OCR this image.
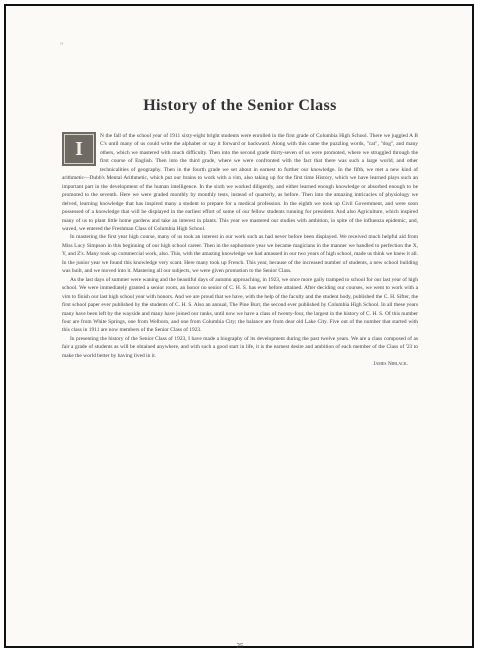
"
History of the Senior Class

I
N the fall of the school year of 1911 sixty-eight bright students were enrolled in the first grade of Columbia High School. There we juggled A B C's until many of us could write the alphabet or say it forward or backward. Along with this came the puzzling words, "cat", "dog", and many others, which we mastered with much difficulty. Then into the second grade thirty-seven of us were promoted, where we struggled through the first course of English. Then into the third grade, where we were confronted with the fact that there was such a large world, and other technicalities of geography. Then in the fourth grade we set about in earnest to further our knowledge. In the fifth, we met a new kind of arithmetic—Dubb's Mental Arithmetic, which put our brains to work with a vim, also taking up for the first time History, which we have learned plays such an important part in the development of the human intelligence. In the sixth we worked diligently, and either learned enough knowledge or absorbed enough to be promoted to the seventh. Here we were graded monthly by monthly tests, instead of quarterly, as before. Then into the amazing intricacies of physiology we delved, learning knowledge that has inspired many a student to prepare for a medical profession. In the eighth we took up Civil Government, and were soon possessed of a knowledge that will be displayed in the earliest effort of some of our fellow students running for president. And also Agriculture, which inspired many of us to plant little home gardens and take an interest in plants. This year we mastered our studies with ambition, in spite of the influenza epidemic, and, waved, we entered the Freshman Class of Columbia High School.

In mastering the first year high course, many of us took an interest in our work such as had never before been displayed. We received much helpful aid from Miss Lucy Simpson in this beginning of our high school career. Then in the sophomore year we became magicians in the manner we handled to perfection the X, Y, and Z's. Many took up commercial work, also. This, with the amazing knowledge we had amassed in our two years of high school, made us think we knew it all. In the junior year we found this knowledge very scant. Here many took up French. This year, because of the increased number of students, a new school building was built, and we moved into it. Mastering all our subjects, we were given promotion to the Senior Class.

As the last days of summer were waning and the beautiful days of autumn approaching, in 1923, we once more gaily tramped to school for our last year of high school. We were immediately granted a senior room, an honor no senior of C. H. S. has ever before attained. After deciding our courses, we went to work with a vim to finish our last high school year with honors. And we are proud that we have, with the help of the faculty and the student body, published the C. H. Sifter, the first school paper ever published by the students of C. H. S. Also an annual, The Pine Burr, the second ever published by Columbia High School. In all these years many have been left by the wayside and many have joined our ranks, until now we have a class of twenty-four, the largest in the history of C. H. S. Of this number four are from White Springs, one from Welborn, and one from Columbia City; the balance are from dear old Lake City. Five out of the number that started with this class in 1911 are now members of the Senior Class of 1923.

In presenting the history of the Senior Class of 1923, I have made a biography of its development during the past twelve years. We are a class composed of as fair a grade of students as will be obtained anywhere, and with such a good start in life, it is the earnest desire and ambition of each member of the Class of '23 to make the world better by having lived in it.

James Niblack.

25
